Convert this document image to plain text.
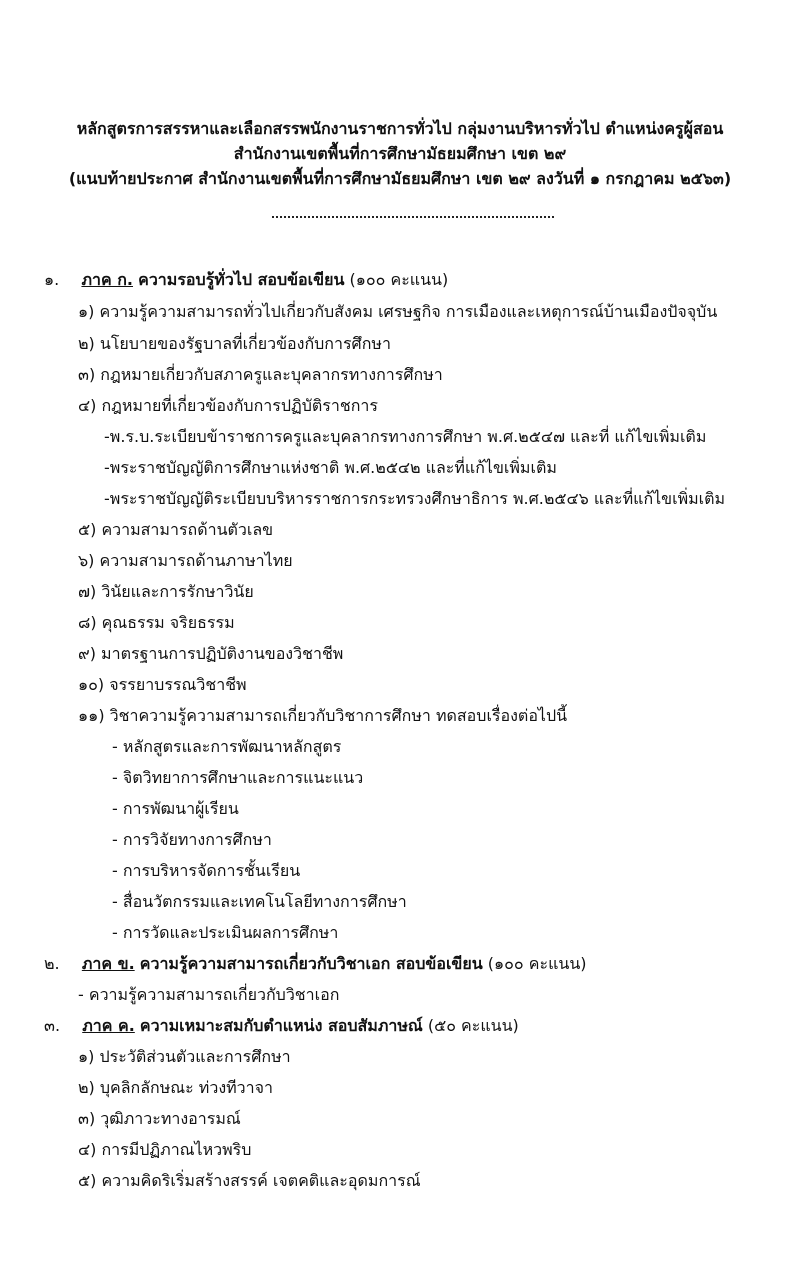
หลักสูตรการสรรหาและเลือกสรรพนักงานราชการทั่วไป กลุ่มงานบริหารทั่วไป ตำแหน่งครูผู้สอน
สำนักงานเขตพื้นที่การศึกษามัธยมศึกษา เขต ๒๙
(แนบท้ายประกาศ สำนักงานเขตพื้นที่การศึกษามัธยมศึกษา เขต ๒๙ ลงวันที่ ๑ กรกฎาคม ๒๕๖๓)
๑. ภาค ก. ความรอบรู้ทั่วไป สอบข้อเขียน (๑๐๐ คะแนน)
๑) ความรู้ความสามารถทั่วไปเกี่ยวกับสังคม เศรษฐกิจ การเมืองและเหตุการณ์บ้านเมืองปัจจุบัน
๒) นโยบายของรัฐบาลที่เกี่ยวข้องกับการศึกษา
๓) กฎหมายเกี่ยวกับสภาครูและบุคลากรทางการศึกษา
๔) กฎหมายที่เกี่ยวข้องกับการปฏิบัติราชการ
-พ.ร.บ.ระเบียบข้าราชการครูและบุคลากรทางการศึกษา พ.ศ.๒๕๔๗ และที่ แก้ไขเพิ่มเติม
-พระราชบัญญัติการศึกษาแห่งชาติ พ.ศ.๒๕๔๒ และที่แก้ไขเพิ่มเติม
-พระราชบัญญัติระเบียบบริหารราชการกระทรวงศึกษาธิการ พ.ศ.๒๕๔๖ และที่แก้ไขเพิ่มเติม
๕) ความสามารถด้านตัวเลข
๖) ความสามารถด้านภาษาไทย
๗) วินัยและการรักษาวินัย
๘) คุณธรรม จริยธรรม
๙) มาตรฐานการปฏิบัติงานของวิชาชีพ
๑๐) จรรยาบรรณวิชาชีพ
๑๑) วิชาความรู้ความสามารถเกี่ยวกับวิชาการศึกษา ทดสอบเรื่องต่อไปนี้
- หลักสูตรและการพัฒนาหลักสูตร
- จิตวิทยาการศึกษาและการแนะแนว
- การพัฒนาผู้เรียน
- การวิจัยทางการศึกษา
- การบริหารจัดการชั้นเรียน
- สื่อนวัตกรรมและเทคโนโลยีทางการศึกษา
- การวัดและประเมินผลการศึกษา
๒. ภาค ข. ความรู้ความสามารถเกี่ยวกับวิชาเอก สอบข้อเขียน (๑๐๐ คะแนน)
- ความรู้ความสามารถเกี่ยวกับวิชาเอก
๓. ภาค ค. ความเหมาะสมกับตำแหน่ง สอบสัมภาษณ์ (๕๐ คะแนน)
๑) ประวัติส่วนตัวและการศึกษา
๒) บุคลิกลักษณะ ท่วงทีวาจา
๓) วุฒิภาวะทางอารมณ์
๔) การมีปฏิภาณไหวพริบ
๕) ความคิดริเริ่มสร้างสรรค์ เจตคติและอุดมการณ์
